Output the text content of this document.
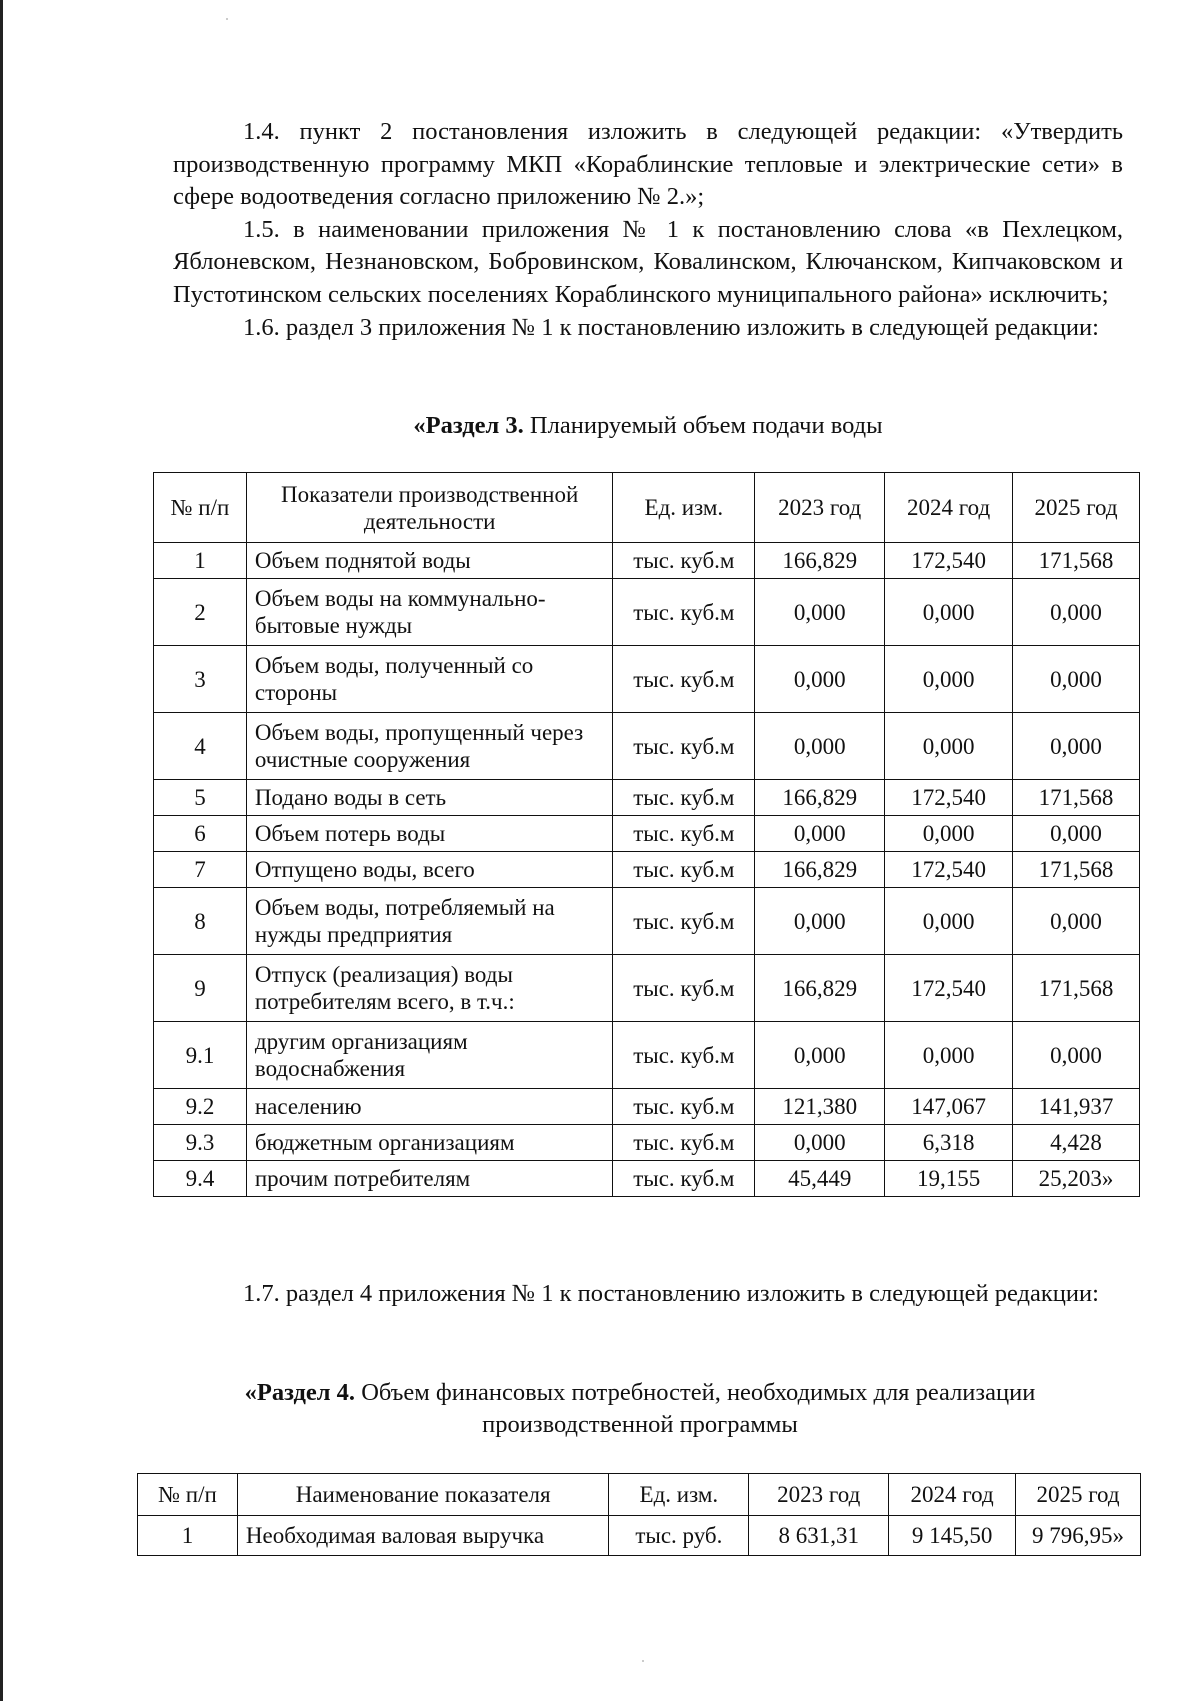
1.4. пункт 2 постановления изложить в следующей редакции: «Утвердить производственную программу МКП «Кораблинские тепловые и электрические сети» в сфере водоотведения согласно приложению № 2.»;

1.5. в наименовании приложения № 1 к постановлению слова «в Пехлецком, Яблоневском, Незнановском, Бобровинском, Ковалинском, Ключанском, Кипчаковском и Пустотинском сельских поселениях Кораблинского муниципального района» исключить;

1.6. раздел 3 приложения № 1 к постановлению изложить в следующей редакции:

«Раздел 3. Планируемый объем подачи воды
№ п/п	Показатели производственной деятельности	Ед. изм.	2023 год	2024 год	2025 год
1	Объем поднятой воды	тыс. куб.м	166,829	172,540	171,568
2	Объем воды на коммунально-бытовые нужды	тыс. куб.м	0,000	0,000	0,000
3	Объем воды, полученный со стороны	тыс. куб.м	0,000	0,000	0,000
4	Объем воды, пропущенный через очистные сооружения	тыс. куб.м	0,000	0,000	0,000
5	Подано воды в сеть	тыс. куб.м	166,829	172,540	171,568
6	Объем потерь воды	тыс. куб.м	0,000	0,000	0,000
7	Отпущено воды, всего	тыс. куб.м	166,829	172,540	171,568
8	Объем воды, потребляемый на нужды предприятия	тыс. куб.м	0,000	0,000	0,000
9	Отпуск (реализация) воды потребителям всего, в т.ч.:	тыс. куб.м	166,829	172,540	171,568
9.1	другим организациям водоснабжения	тыс. куб.м	0,000	0,000	0,000
9.2	населению	тыс. куб.м	121,380	147,067	141,937
9.3	бюджетным организациям	тыс. куб.м	0,000	6,318	4,428
9.4	прочим потребителям	тыс. куб.м	45,449	19,155	25,203»

1.7. раздел 4 приложения № 1 к постановлению изложить в следующей редакции:

«Раздел 4. Объем финансовых потребностей, необходимых для реализации
производственной программы
№ п/п	Наименование показателя	Ед. изм.	2023 год	2024 год	2025 год
1	Необходимая валовая выручка	тыс. руб.	8 631,31	9 145,50	9 796,95»
